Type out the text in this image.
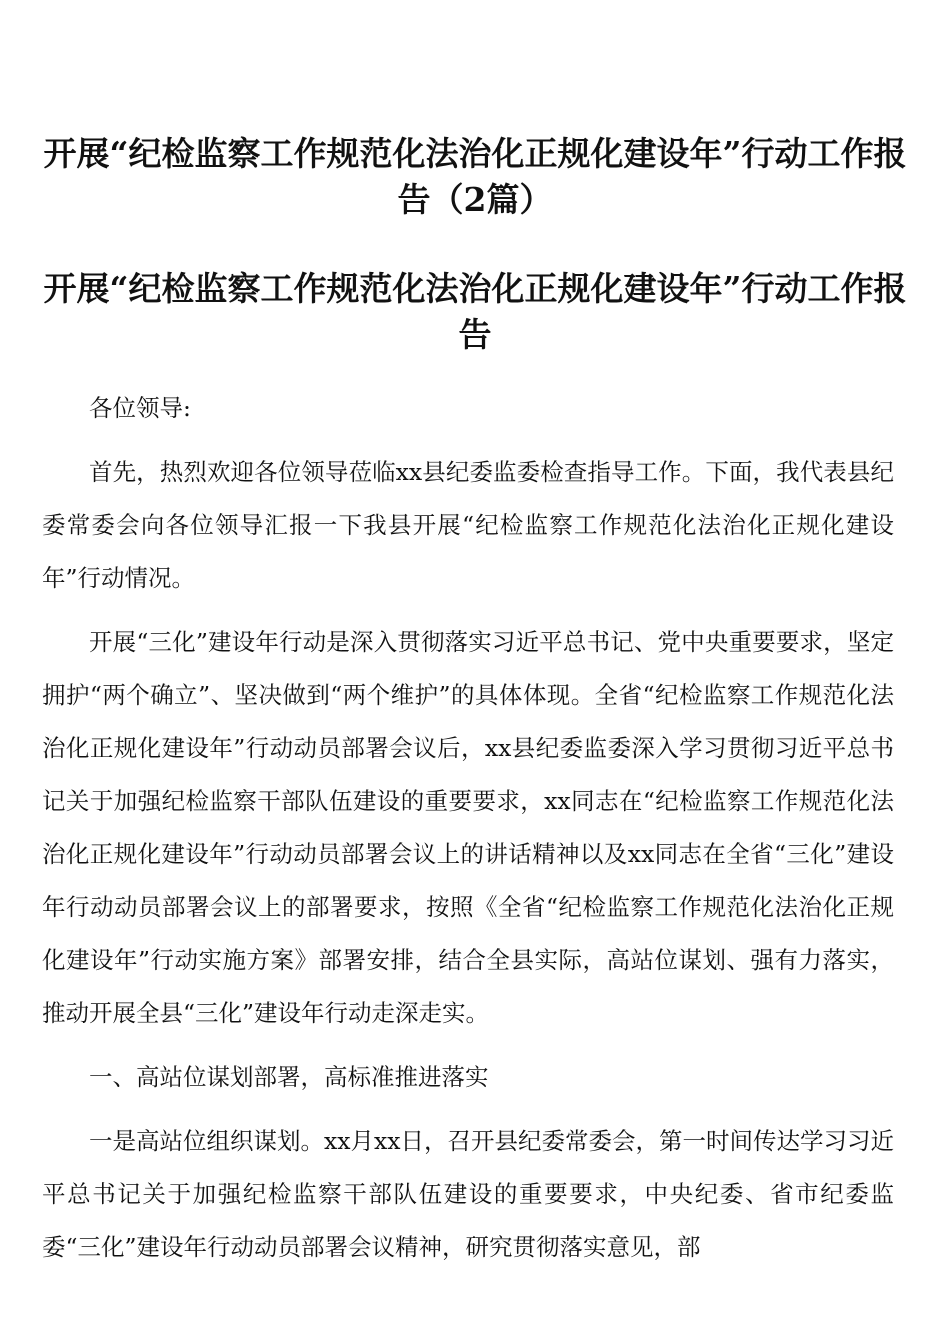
开展“纪检监察工作规范化法治化正规化建设年”行动工作报告（2篇）
开展“纪检监察工作规范化法治化正规化建设年”行动工作报告

各位领导:

首先，热烈欢迎各位领导莅临xx县纪委监委检查指导工作。下面，我代表县纪委常委会向各位领导汇报一下我县开展“纪检监察工作规范化法治化正规化建设年”行动情况。

开展“三化”建设年行动是深入贯彻落实习近平总书记、党中央重要要求，坚定拥护“两个确立”、坚决做到“两个维护”的具体体现。全省“纪检监察工作规范化法治化正规化建设年”行动动员部署会议后，xx县纪委监委深入学习贯彻习近平总书记关于加强纪检监察干部队伍建设的重要要求，xx同志在“纪检监察工作规范化法治化正规化建设年”行动动员部署会议上的讲话精神以及xx同志在全省“三化”建设年行动动员部署会议上的部署要求，按照《全省“纪检监察工作规范化法治化正规化建设年”行动实施方案》部署安排，结合全县实际，高站位谋划、强有力落实，推动开展全县“三化”建设年行动走深走实。

一、高站位谋划部署，高标准推进落实

一是高站位组织谋划。xx月xx日，召开县纪委常委会，第一时间传达学习习近平总书记关于加强纪检监察干部队伍建设的重要要求，中央纪委、省市纪委监委“三化”建设年行动动员部署会议精神，研究贯彻落实意见，部
